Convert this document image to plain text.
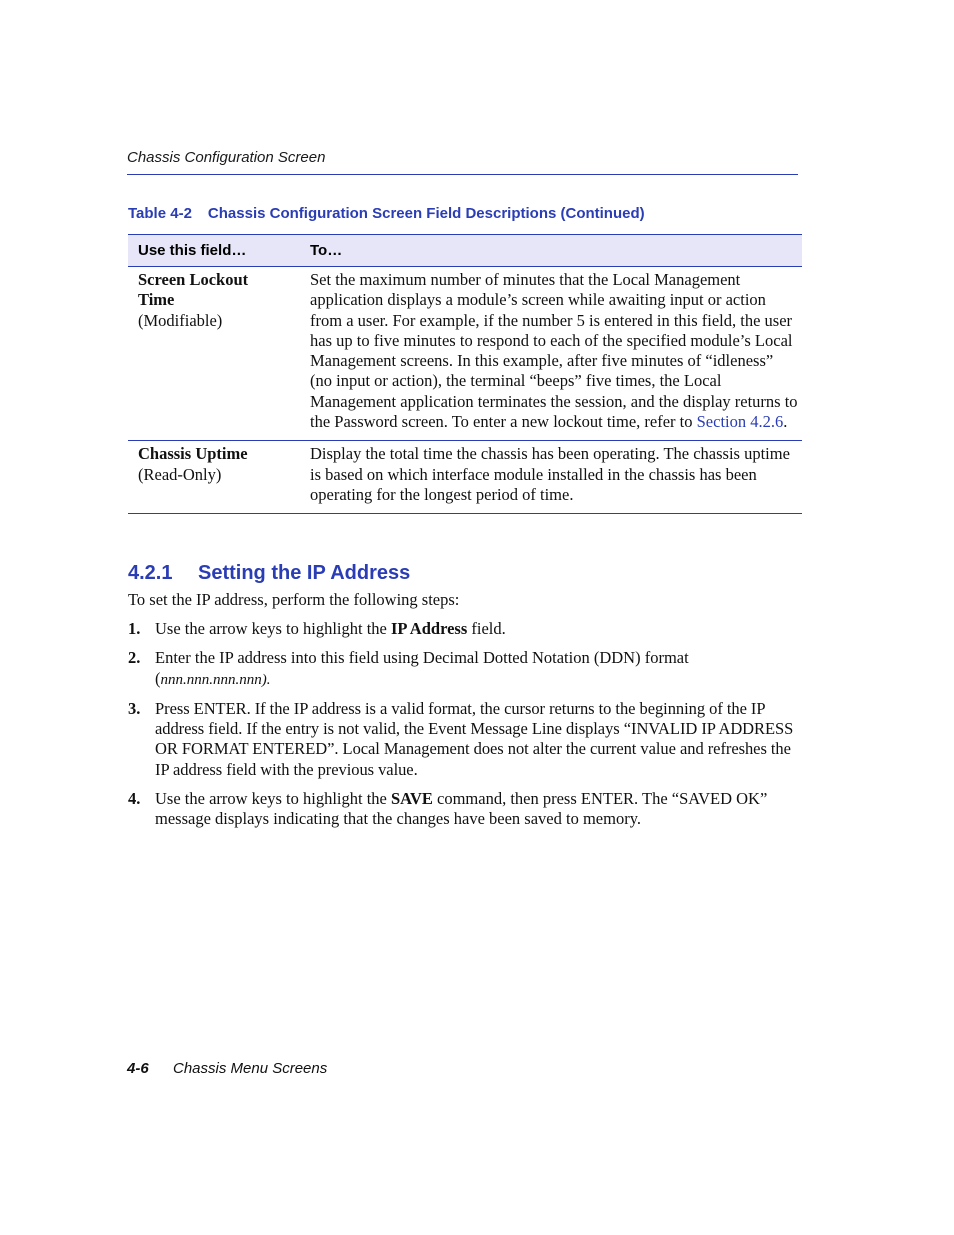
Chassis Configuration Screen
Table 4-2 Chassis Configuration Screen Field Descriptions (Continued)
Use this field…	To…

Screen Lockout Time
(Modifiable)	Set the maximum number of minutes that the Local Management application displays a module’s screen while awaiting input or action from a user. For example, if the number 5 is entered in this field, the user has up to five minutes to respond to each of the specified module’s Local Management screens. In this example, after five minutes of “idleness” (no input or action), the terminal “beeps” five times, the Local Management application terminates the session, and the display returns to the Password screen. To enter a new lockout time, refer to Section 4.2.6.

Chassis Uptime
(Read-Only)	Display the total time the chassis has been operating. The chassis uptime is based on which interface module installed in the chassis has been operating for the longest period of time.
4.2.1 Setting the IP Address
To set the IP address, perform the following steps:
1. Use the arrow keys to highlight the IP Address field.
2. Enter the IP address into this field using Decimal Dotted Notation (DDN) format (nnn.nnn.nnn.nnn).
3. Press ENTER. If the IP address is a valid format, the cursor returns to the beginning of the IP address field. If the entry is not valid, the Event Message Line displays “INVALID IP ADDRESS OR FORMAT ENTERED”. Local Management does not alter the current value and refreshes the IP address field with the previous value.
4. Use the arrow keys to highlight the SAVE command, then press ENTER. The “SAVED OK” message displays indicating that the changes have been saved to memory.
4-6 Chassis Menu Screens
